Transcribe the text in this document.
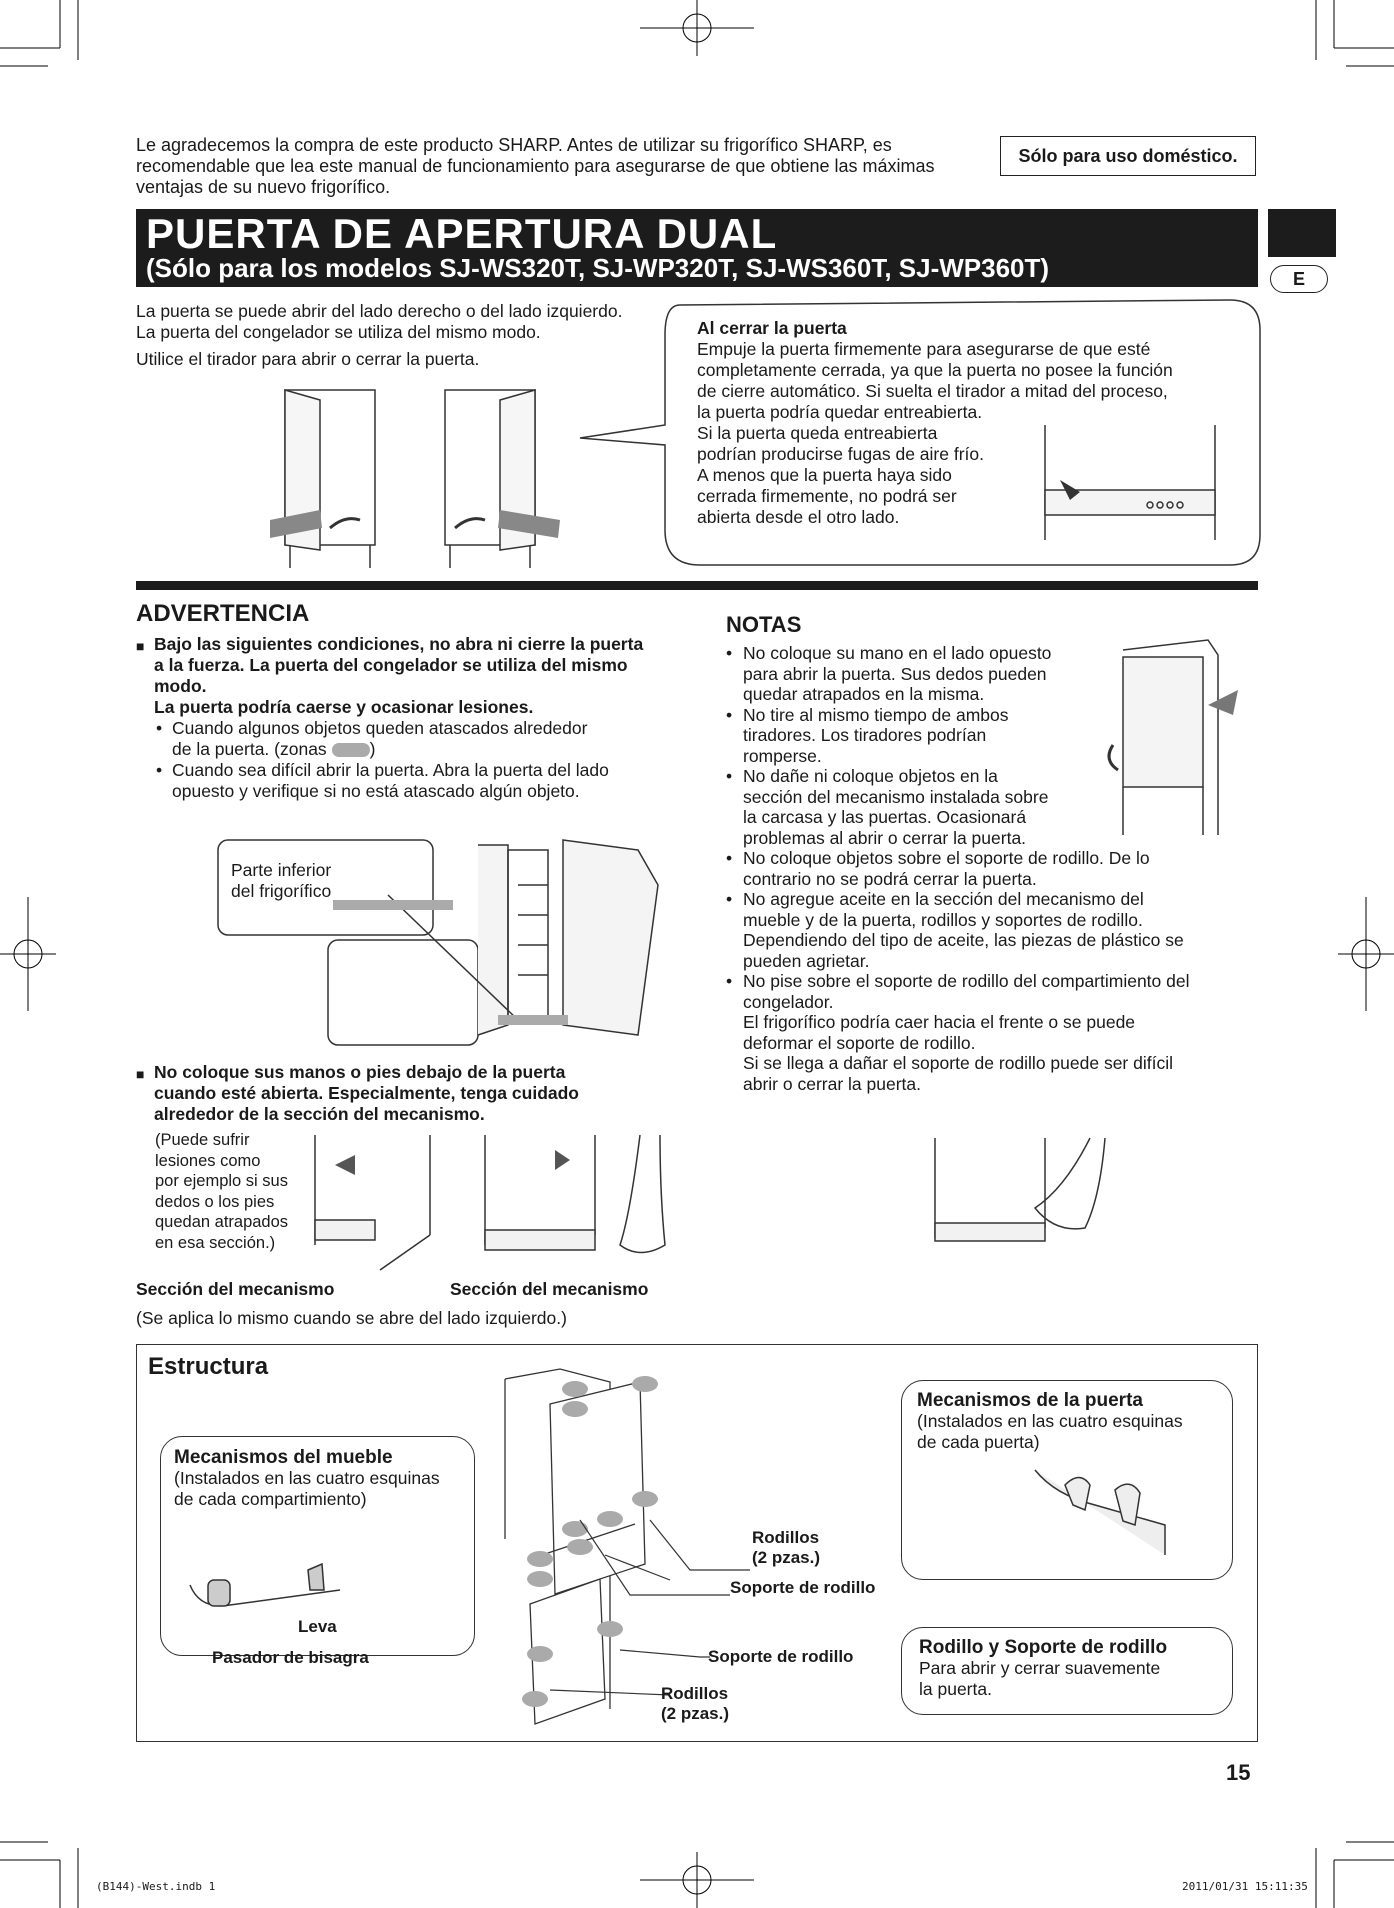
Le agradecemos la compra de este producto SHARP. Antes de utilizar su frigorífico SHARP, es recomendable que lea este manual de funcionamiento para asegurarse de que obtiene las máximas ventajas de su nuevo frigorífico.
Sólo para uso doméstico.
PUERTA DE APERTURA DUAL
(Sólo para los modelos SJ-WS320T, SJ-WP320T, SJ-WS360T, SJ-WP360T)	E
La puerta se puede abrir del lado derecho o del lado izquierdo.
La puerta del congelador se utiliza del mismo modo.
Utilice el tirador para abrir o cerrar la puerta.
Al cerrar la puerta
Empuje la puerta firmemente para asegurarse de que esté
completamente cerrada, ya que la puerta no posee la función
de cierre automático. Si suelta el tirador a mitad del proceso,
la puerta podría quedar entreabierta.
Si la puerta queda entreabierta
podrían producirse fugas de aire frío.
A menos que la puerta haya sido
cerrada firmemente, no podrá ser
abierta desde el otro lado.
ADVERTENCIA
■ Bajo las siguientes condiciones, no abra ni cierre la puerta
a la fuerza. La puerta del congelador se utiliza del mismo
modo.
La puerta podría caerse y ocasionar lesiones.
• Cuando algunos objetos queden atascados alrededor
de la puerta. (zonas )
• Cuando sea difícil abrir la puerta. Abra la puerta del lado
opuesto y verifique si no está atascado algún objeto.
Parte inferior
del frigorífico
■ No coloque sus manos o pies debajo de la puerta
cuando esté abierta. Especialmente, tenga cuidado
alrededor de la sección del mecanismo.
(Puede sufrir
lesiones como
por ejemplo si sus
dedos o los pies
quedan atrapados
en esa sección.)
Sección del mecanismo	Sección del mecanismo
(Se aplica lo mismo cuando se abre del lado izquierdo.)
NOTAS
• No coloque su mano en el lado opuesto
para abrir la puerta. Sus dedos pueden
quedar atrapados en la misma.
• No tire al mismo tiempo de ambos
tiradores. Los tiradores podrían
romperse.
• No dañe ni coloque objetos en la
sección del mecanismo instalada sobre
la carcasa y las puertas. Ocasionará
problemas al abrir o cerrar la puerta.
• No coloque objetos sobre el soporte de rodillo. De lo
contrario no se podrá cerrar la puerta.
• No agregue aceite en la sección del mecanismo del
mueble y de la puerta, rodillos y soportes de rodillo.
Dependiendo del tipo de aceite, las piezas de plástico se
pueden agrietar.
• No pise sobre el soporte de rodillo del compartimiento del
congelador.
El frigorífico podría caer hacia el frente o se puede
deformar el soporte de rodillo.
Si se llega a dañar el soporte de rodillo puede ser difícil
abrir o cerrar la puerta.
Estructura
Mecanismos del mueble
(Instalados en las cuatro esquinas
de cada compartimiento)
Leva
Pasador de bisagra
Rodillos
(2 pzas.)
Soporte de rodillo
Soporte de rodillo
Rodillos
(2 pzas.)
Mecanismos de la puerta
(Instalados en las cuatro esquinas
de cada puerta)
Rodillo y Soporte de rodillo
Para abrir y cerrar suavemente
la puerta.
15
(B144)-West.indb 1	2011/01/31 15:11:35
